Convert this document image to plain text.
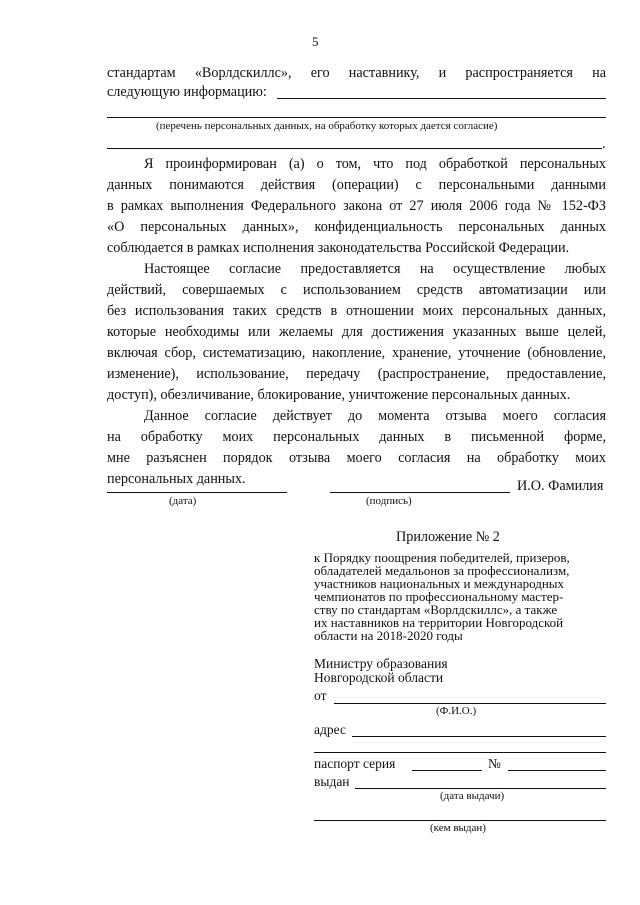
5
стандартам «Ворлдскиллс», его наставнику, и распространяется на
следующую информацию:
(перечень персональных данных, на обработку которых дается согласие)
.
Я проинформирован (а) о том, что под обработкой персональных
данных понимаются действия (операции) с персональными данными
в рамках выполнения Федерального закона от 27 июля 2006 года № 152-ФЗ
«О персональных данных», конфиденциальность персональных данных
соблюдается в рамках исполнения законодательства Российской Федерации.
Настоящее согласие предоставляется на осуществление любых
действий, совершаемых с использованием средств автоматизации или
без использования таких средств в отношении моих персональных данных,
которые необходимы или желаемы для достижения указанных выше целей,
включая сбор, систематизацию, накопление, хранение, уточнение (обновление,
изменение), использование, передачу (распространение, предоставление,
доступ), обезличивание, блокирование, уничтожение персональных данных.
Данное согласие действует до момента отзыва моего согласия
на обработку моих персональных данных в письменной форме,
мне разъяснен порядок отзыва моего согласия на обработку моих
персональных данных.
(дата)	(подпись)
И.О. Фамилия
Приложение № 2
к Порядку поощрения победителей, призеров,
обладателей медальонов за профессионализм,
участников национальных и международных
чемпионатов по профессиональному мастер-
ству по стандартам «Ворлдскиллс», а также
их наставников на территории Новгородской
области на 2018-2020 годы
Министру образования
Новгородской области
от
(Ф.И.О.)
адрес
паспорт серия	№
выдан
(дата выдачи)
(кем выдан)
